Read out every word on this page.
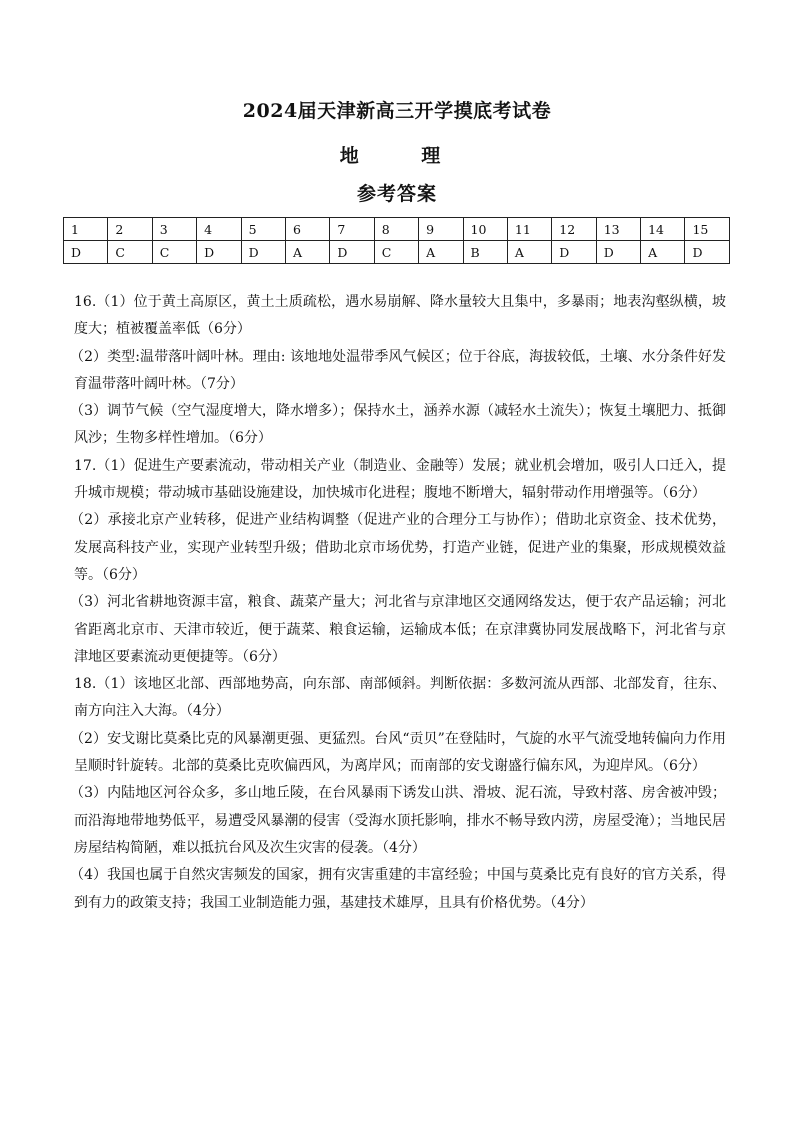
2024届天津新高三开学摸底考试卷
地 理
参考答案
1	2	3	4	5	6	7	8	9	10	11	12	13	14	15
D	C	C	D	D	A	D	C	A	B	A	D	D	A	D

16.（1）位于黄土高原区，黄土土质疏松，遇水易崩解、降水量较大且集中，多暴雨；地表沟壑纵横，坡度大；植被覆盖率低（6分）

（2）类型:温带落叶阔叶林。理由: 该地地处温带季风气候区；位于谷底，海拔较低，土壤、水分条件好发育温带落叶阔叶林。（7分）

（3）调节气候（空气湿度增大，降水增多）；保持水土，涵养水源（减轻水土流失）；恢复土壤肥力、抵御风沙；生物多样性增加。（6分）

17.（1）促进生产要素流动，带动相关产业（制造业、金融等）发展；就业机会增加，吸引人口迁入，提升城市规模；带动城市基础设施建设，加快城市化进程；腹地不断增大，辐射带动作用增强等。（6分）

（2）承接北京产业转移，促进产业结构调整（促进产业的合理分工与协作）；借助北京资金、技术优势，发展高科技产业，实现产业转型升级；借助北京市场优势，打造产业链，促进产业的集聚，形成规模效益等。（6分）

（3）河北省耕地资源丰富，粮食、蔬菜产量大；河北省与京津地区交通网络发达，便于农产品运输；河北省距离北京市、天津市较近，便于蔬菜、粮食运输，运输成本低；在京津冀协同发展战略下，河北省与京津地区要素流动更便捷等。（6分）

18.（1）该地区北部、西部地势高，向东部、南部倾斜。判断依据：多数河流从西部、北部发育，往东、南方向注入大海。（4分）

（2）安戈谢比莫桑比克的风暴潮更强、更猛烈。台风“贡贝”在登陆时，气旋的水平气流受地转偏向力作用呈顺时针旋转。北部的莫桑比克吹偏西风，为离岸风；而南部的安戈谢盛行偏东风，为迎岸风。（6分）

（3）内陆地区河谷众多，多山地丘陵，在台风暴雨下诱发山洪、滑坡、泥石流，导致村落、房舍被冲毁；而沿海地带地势低平，易遭受风暴潮的侵害（受海水顶托影响，排水不畅导致内涝，房屋受淹）；当地民居房屋结构简陋，难以抵抗台风及次生灾害的侵袭。（4分）

（4）我国也属于自然灾害频发的国家，拥有灾害重建的丰富经验；中国与莫桑比克有良好的官方关系，得到有力的政策支持；我国工业制造能力强，基建技术雄厚，且具有价格优势。（4分）
